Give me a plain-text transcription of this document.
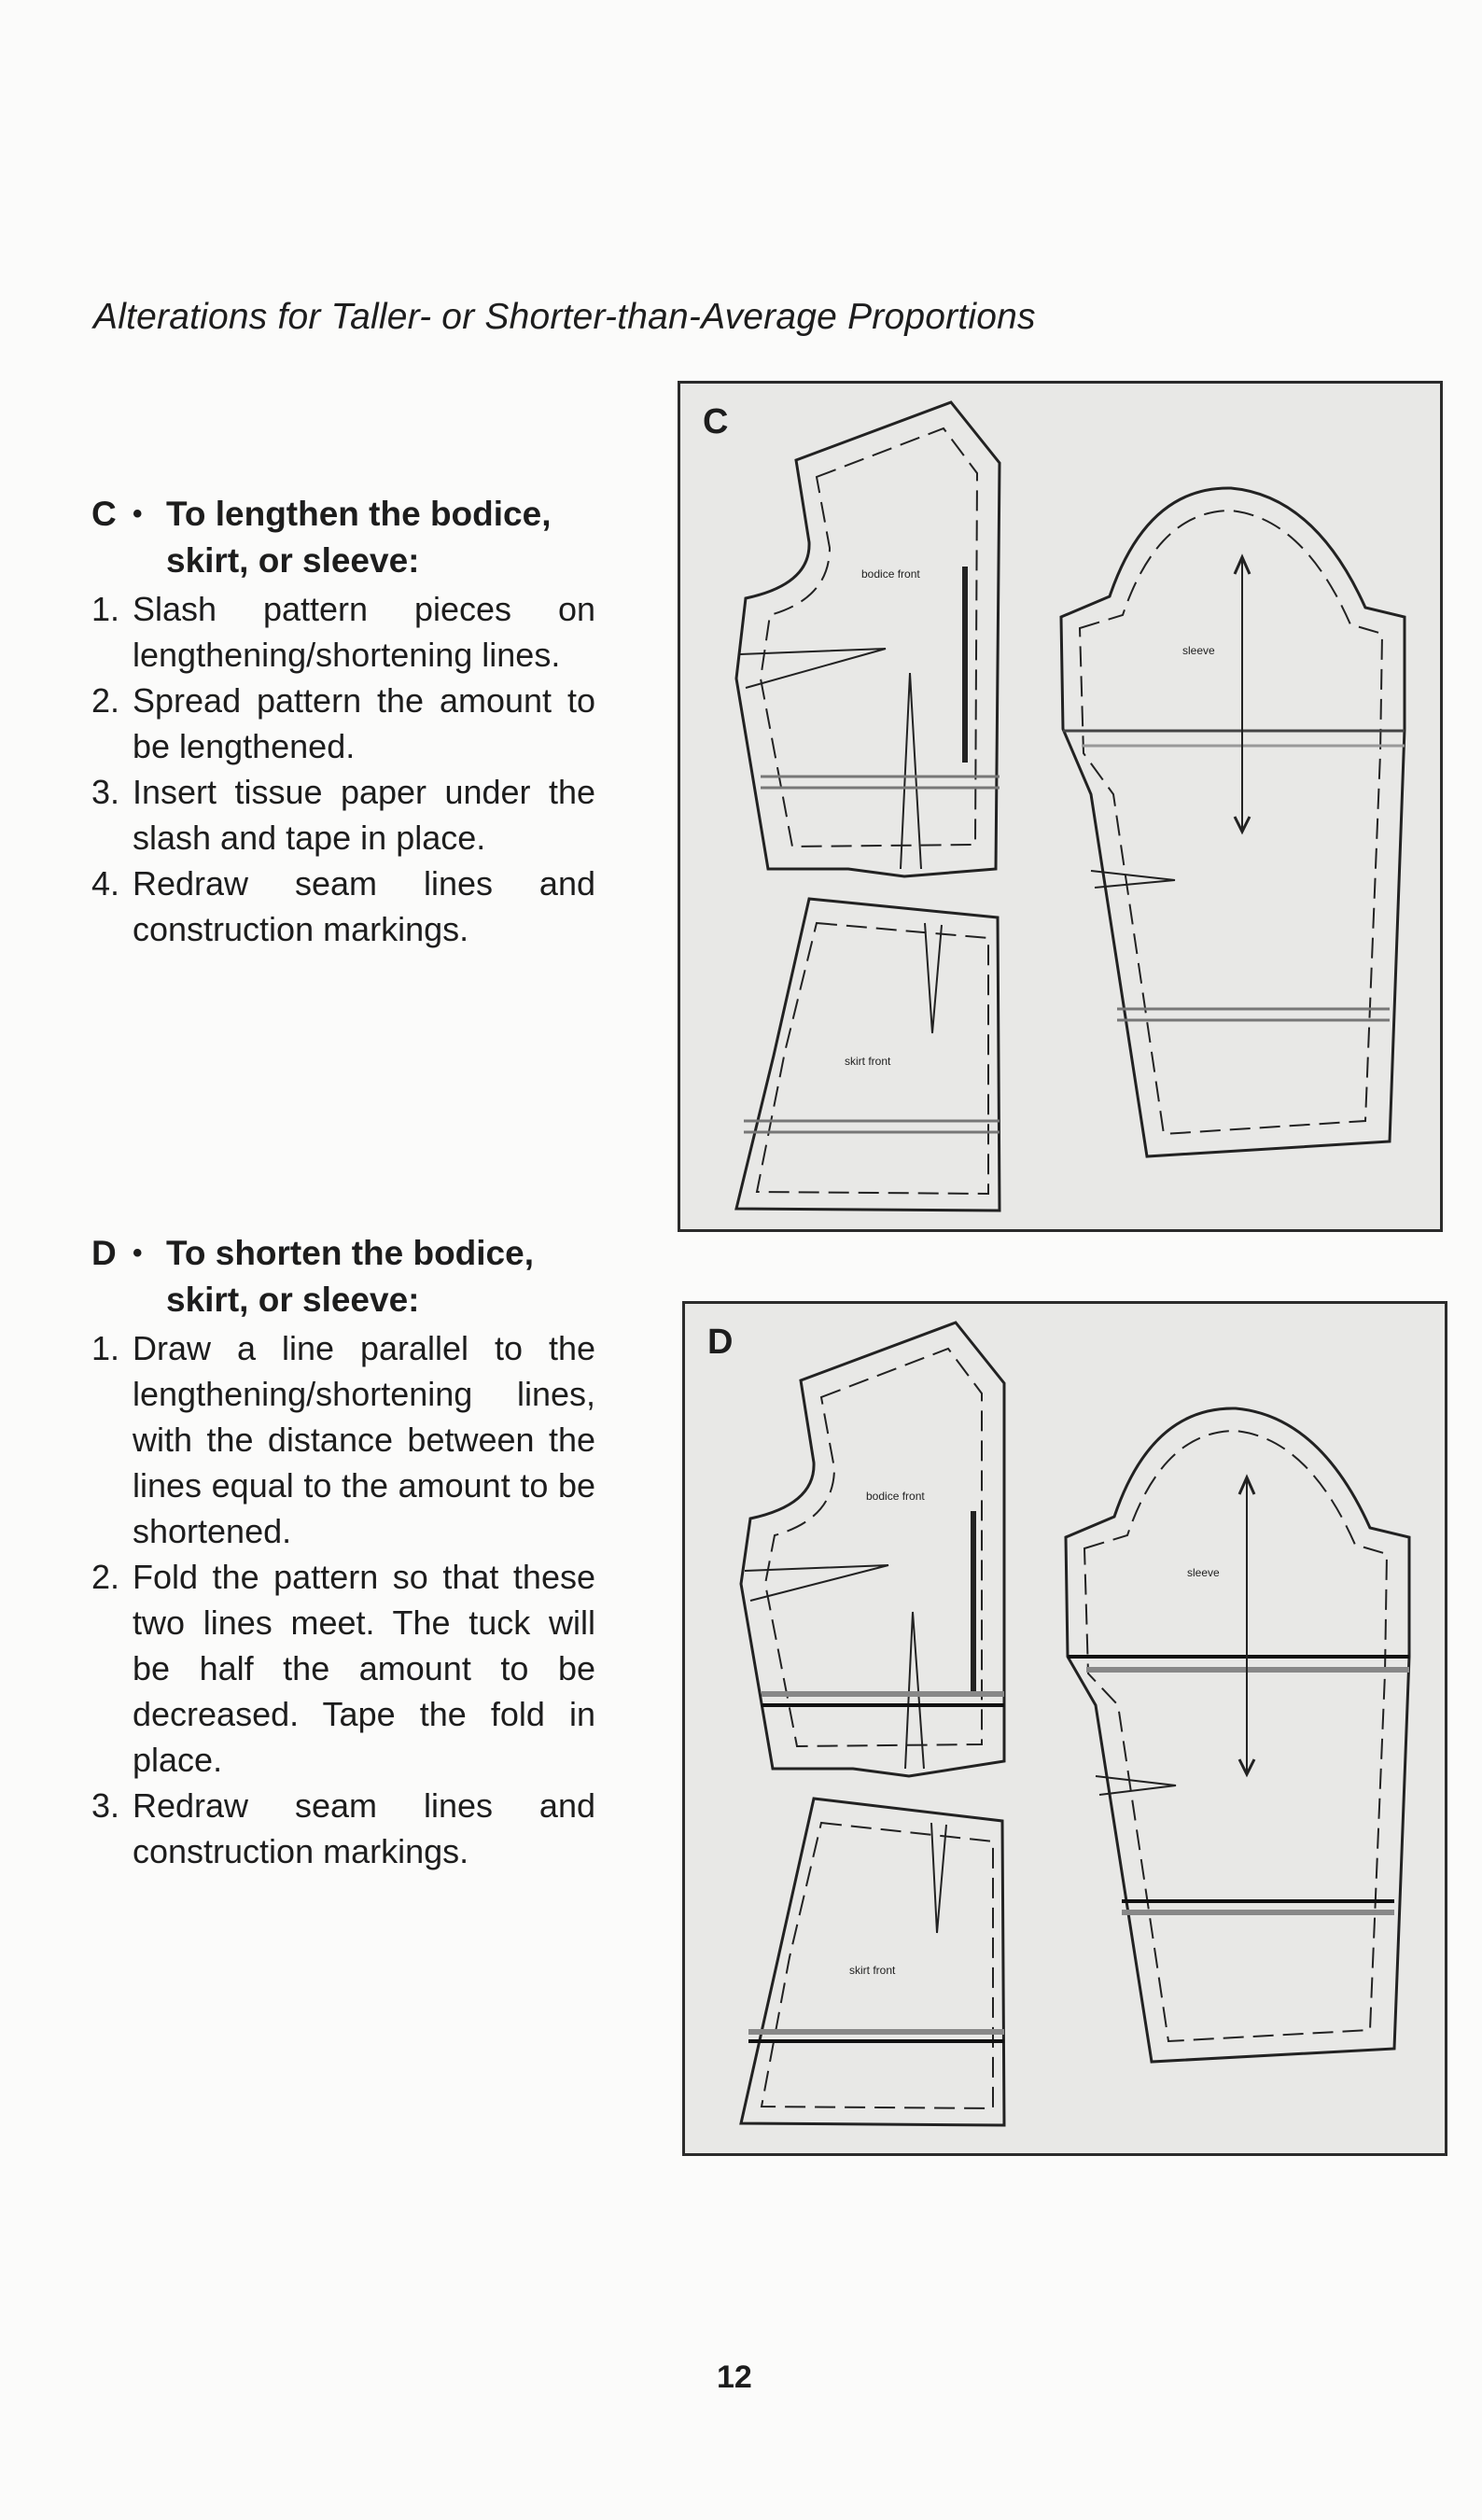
Alterations for Taller- or Shorter-than-Average Proportions
C • To lengthen the bodice, skirt, or sleeve:
1. Slash pattern pieces on lengthening/shortening lines.
2. Spread pattern the amount to be lengthened.
3. Insert tissue paper under the slash and tape in place.
4. Redraw seam lines and construction markings.
D • To shorten the bodice, skirt, or sleeve:
1. Draw a line parallel to the lengthening/shortening lines, with the distance between the lines equal to the amount to be shortened.
2. Fold the pattern so that these two lines meet. The tuck will be half the amount to be decreased. Tape the fold in place.
3. Redraw seam lines and construction markings.
bodice front
skirt front
sleeve
C
bodice front
skirt front
sleeve
D
12
